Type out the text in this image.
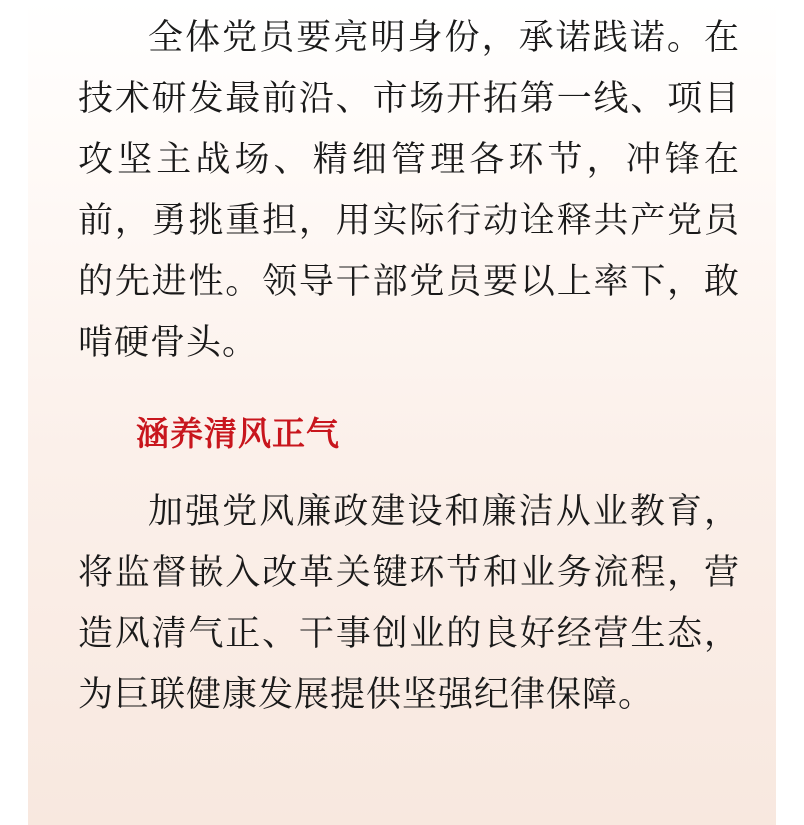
全体党员要亮明身份，承诺践诺。在技术研发最前沿、市场开拓第一线、项目攻坚主战场、精细管理各环节，冲锋在前，勇挑重担，用实际行动诠释共产党员的先进性。领导干部党员要以上率下，敢啃硬骨头。

涵养清风正气

加强党风廉政建设和廉洁从业教育，将监督嵌入改革关键环节和业务流程，营造风清气正、干事创业的良好经营生态，为巨联健康发展提供坚强纪律保障。
